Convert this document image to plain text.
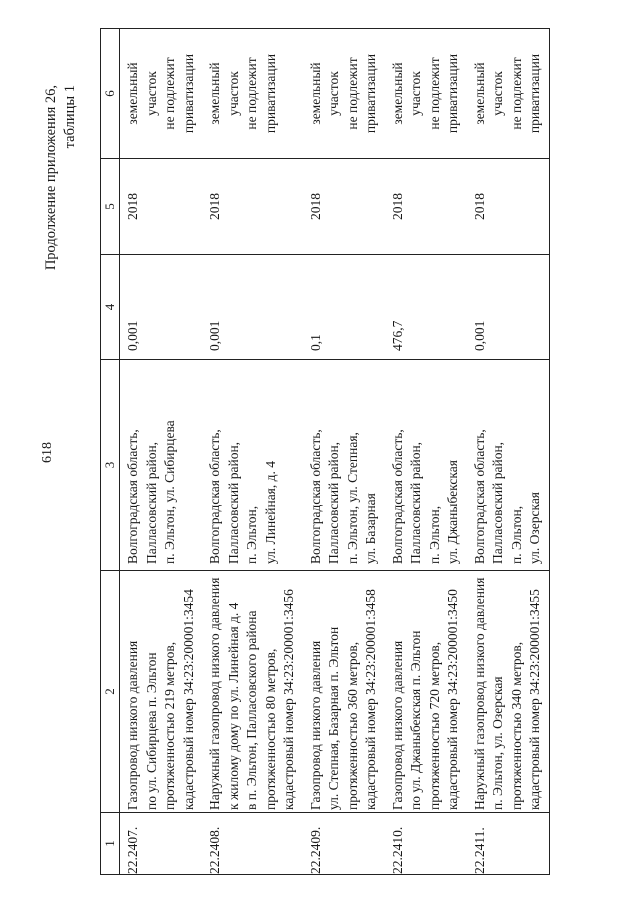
618
Продолжение приложения 26, таблицы 1
1	2	3	4	5	6
22.2407.	Газопровод низкого давления
по ул. Сибирцева п. Эльтон
протяженностью 219 метров,
кадастровый номер 34:23:200001:3454	Волгоградская область,
Палласовский район,
п. Эльтон, ул. Сибирцева	0,001	2018	земельный
участок
не подлежит
приватизации

22.2408.	Наружный газопровод низкого давления
к жилому дому по ул. Линейная д. 4
в п. Эльтон, Палласовского района
протяженностью 80 метров,
кадастровый номер 34:23:200001:3456	Волгоградская область,
Палласовский район,
п. Эльтон,
ул. Линейная, д. 4	0,001	2018	земельный
участок
не подлежит
приватизации

22.2409.	Газопровод низкого давления
ул. Степная, Базарная п. Эльтон
протяженностью 360 метров,
кадастровый номер 34:23:200001:3458	Волгоградская область,
Палласовский район,
п. Эльтон, ул. Степная,
ул. Базарная	0,1	2018	земельный
участок
не подлежит
приватизации

22.2410.	Газопровод низкого давления
по ул. Джаныбекская п. Эльтон
протяженностью 720 метров,
кадастровый номер 34:23:200001:3450	Волгоградская область,
Палласовский район,
п. Эльтон,
ул. Джаныбекская	476,7	2018	земельный
участок
не подлежит
приватизации

22.2411.	Наружный газопровод низкого давления
п. Эльтон, ул. Озерская
протяженностью 340 метров,
кадастровый номер 34:23:200001:3455	Волгоградская область,
Палласовский район,
п. Эльтон,
ул. Озерская	0,001	2018	земельный
участок
не подлежит
приватизации
